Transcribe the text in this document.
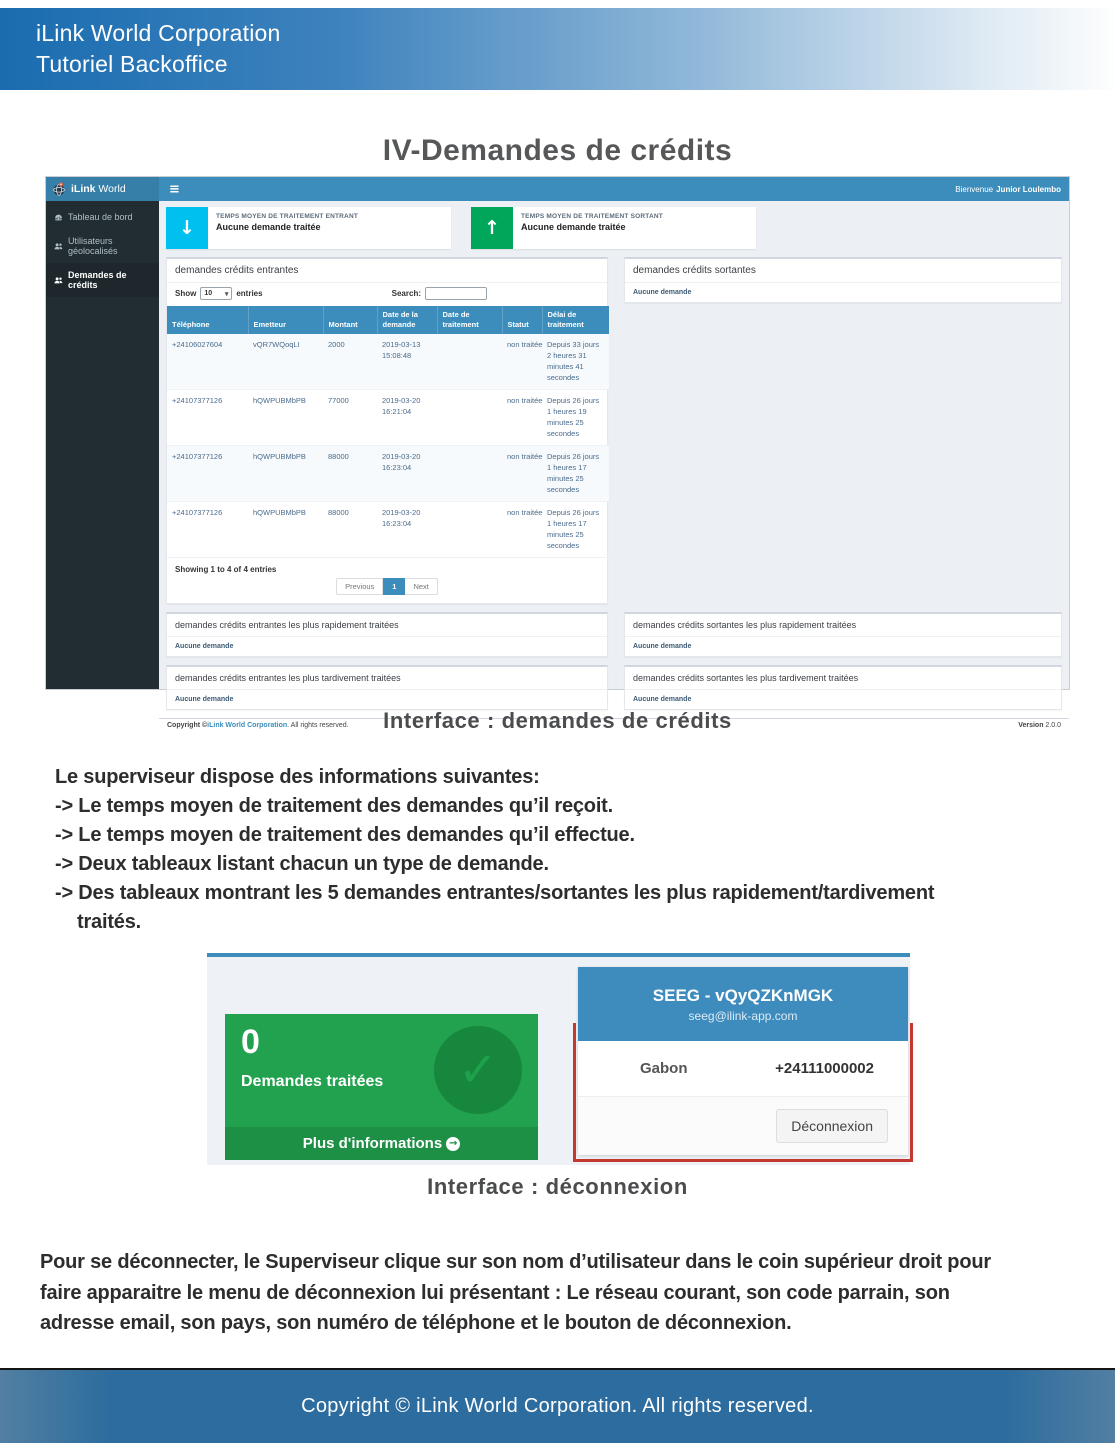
iLink World Corporation
Tutoriel Backoffice
IV-Demandes de crédits
iLink World	≡	Bienvenue Junior Loulembo
Tableau de bord
Utilisateurs géolocalisés
Demandes de crédits
↓
TEMPS MOYEN DE TRAITEMENT ENTRANT
Aucune demande traitée	↑
TEMPS MOYEN DE TRAITEMENT SORTANT
Aucune demande traitée
demandes crédits entrantes
Show 10 ▾ entries	Search:
Téléphone	Emetteur	Montant	Date de la demande	Date de traitement	Statut	Délai de traitement
+24106027604	vQR7WQoqLI	2000	2019-03-13 15:08:48		non traitée	Depuis 33 jours 2 heures 31 minutes 41 secondes
+24107377126	hQWPUBMbPB	77000	2019-03-20 16:21:04		non traitée	Depuis 26 jours 1 heures 19 minutes 25 secondes
+24107377126	hQWPUBMbPB	88000	2019-03-20 16:23:04		non traitée	Depuis 26 jours 1 heures 17 minutes 25 secondes
+24107377126	hQWPUBMbPB	88000	2019-03-20 16:23:04		non traitée	Depuis 26 jours 1 heures 17 minutes 25 secondes
Showing 1 to 4 of 4 entries
Previous	1	Next
demandes crédits sortantes
Aucune demande
demandes crédits entrantes les plus rapidement traitées
Aucune demande
demandes crédits sortantes les plus rapidement traitées
Aucune demande
demandes crédits entrantes les plus tardivement traitées
Aucune demande
demandes crédits sortantes les plus tardivement traitées
Aucune demande
Copyright © iLink World Corporation . All rights reserved.	Version 2.0.0
Interface : demandes de crédits
Le superviseur dispose des informations suivantes:
-> Le temps moyen de traitement des demandes qu’il reçoit.
-> Le temps moyen de traitement des demandes qu’il effectue.
-> Deux tableaux listant chacun un type de demande.
-> Des tableaux montrant les 5 demandes entrantes/sortantes les plus rapidement/tardivement
traités.
0
Demandes traitées	✓
Plus d'informations →
SEEG - vQyQZKnMGK
seeg@ilink-app.com
Gabon	+24111000002
Déconnexion
Interface : déconnexion
Pour se déconnecter, le Superviseur clique sur son nom d’utilisateur dans le coin supérieur droit pour
faire apparaitre le menu de déconnexion lui présentant : Le réseau courant, son code parrain, son
adresse email, son pays, son numéro de téléphone et le bouton de déconnexion.
Copyright © iLink World Corporation. All rights reserved.
